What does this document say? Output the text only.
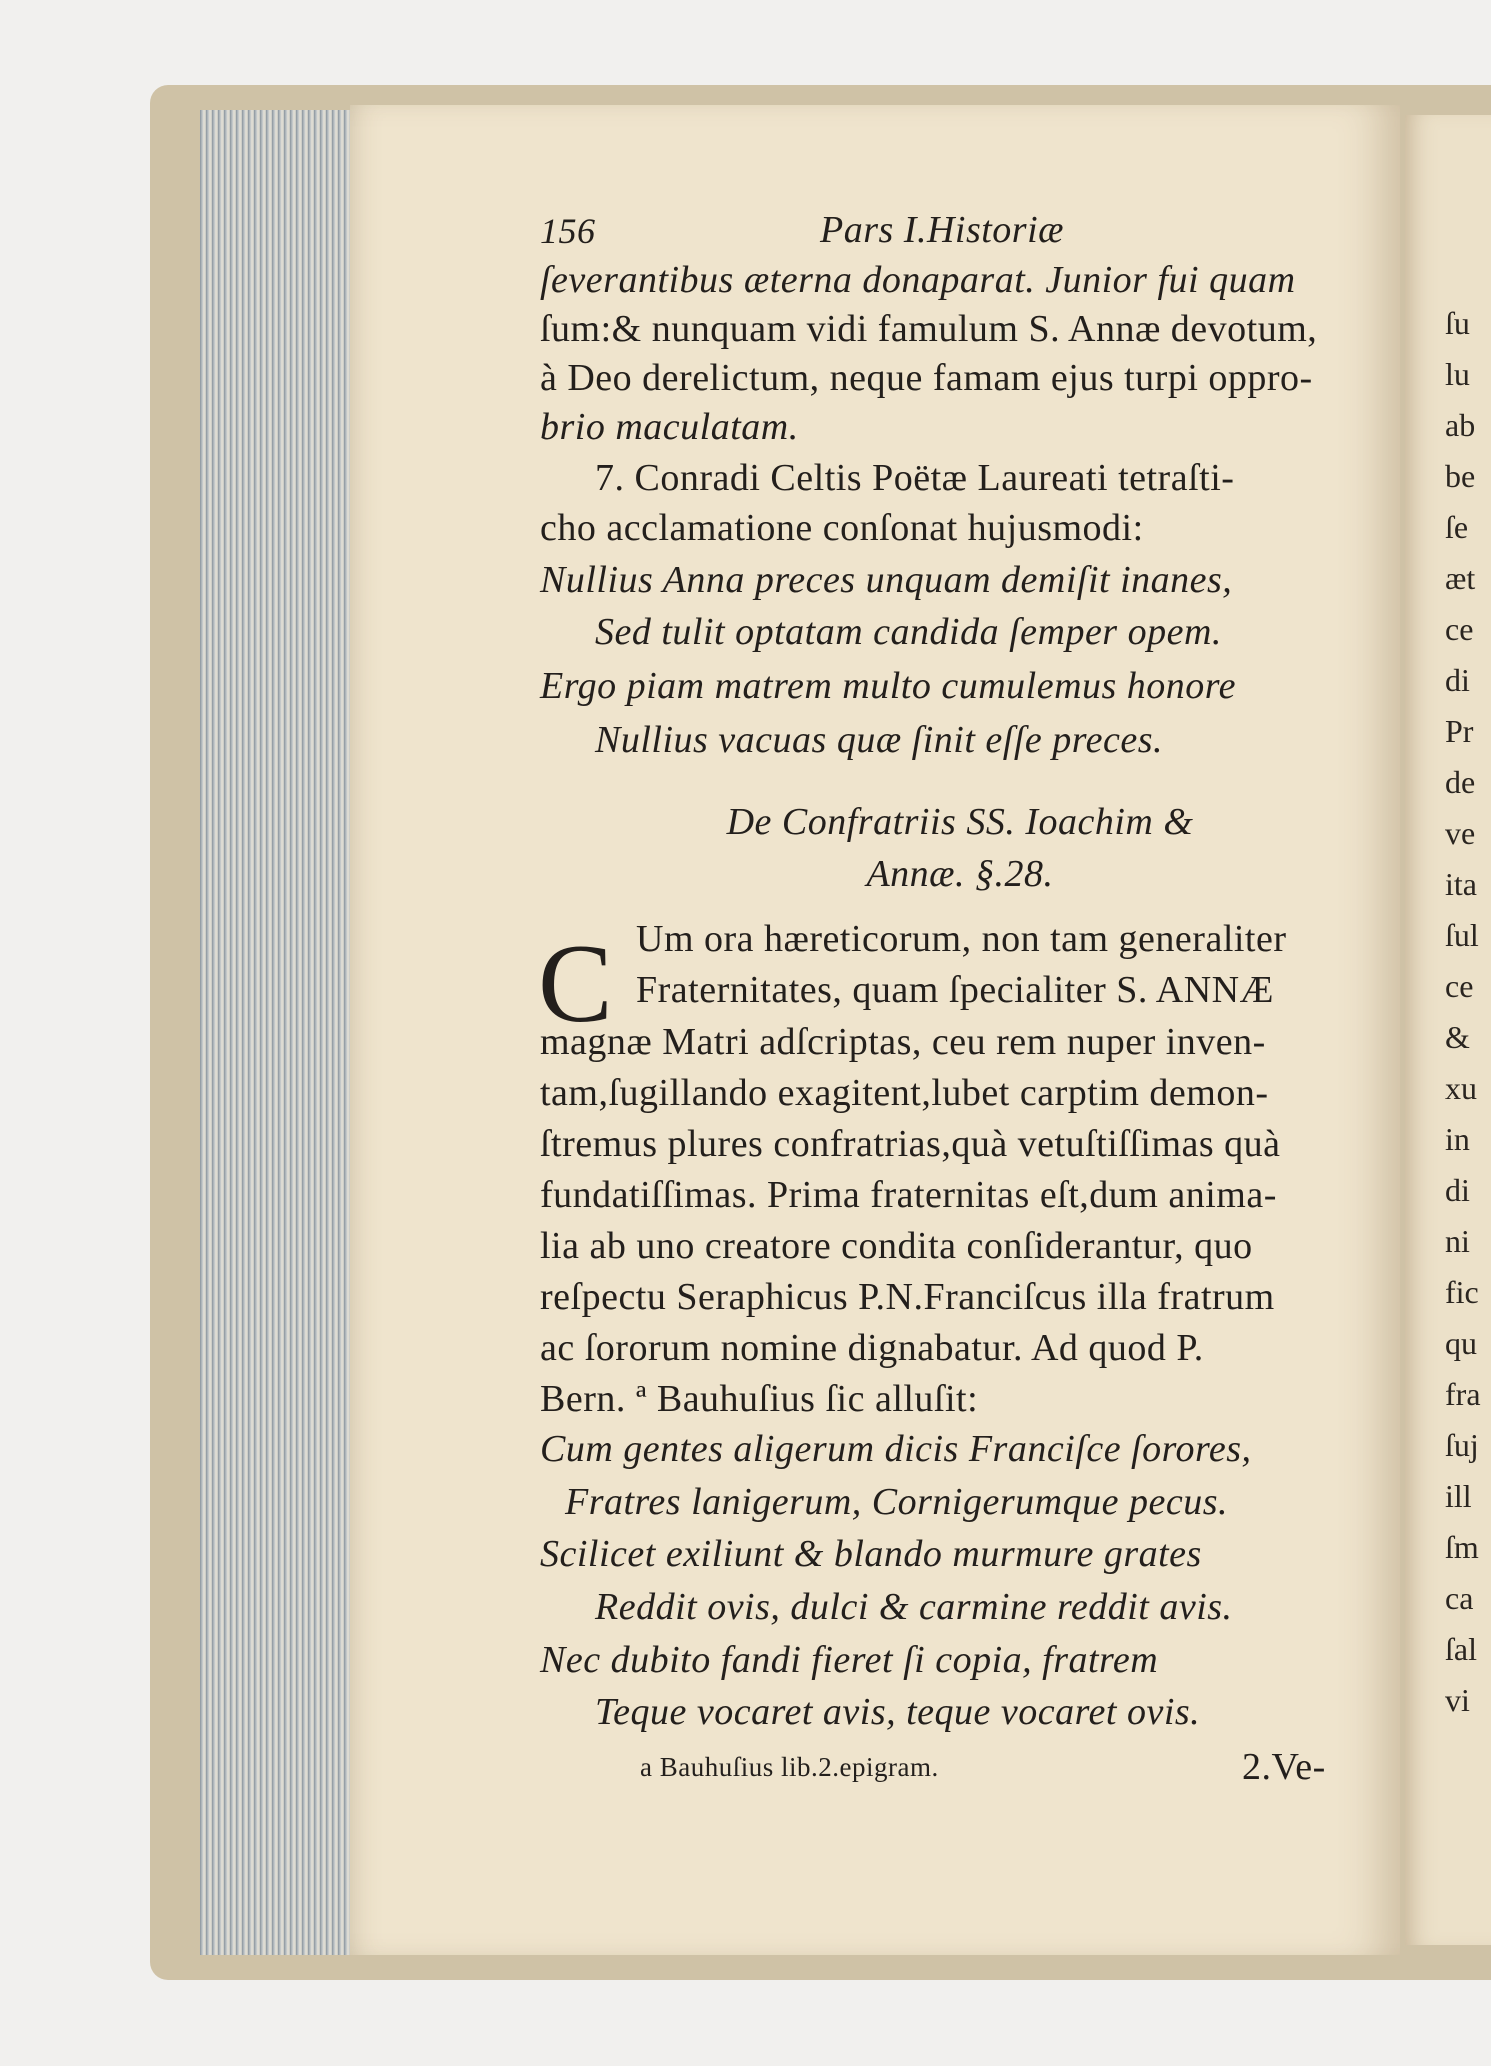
ſu
lu
ab
be
ſe
æt
ce
di
Pr
de
ve
ita
ſul
ce
&
xu
in
di
ni
fic
qu
fra
ſuj
ill
ſm
ca
ſal
vi
156	Pars I.Historiæ
ſeverantibus æterna donaparat. Junior fui quam
ſum:& nunquam vidi famulum S. Annæ devotum,
à Deo derelictum, neque famam ejus turpi oppro-
brio maculatam.
7. Conradi Celtis Poëtæ Laureati tetraſti-
cho acclamatione conſonat hujusmodi:
Nullius Anna preces unquam demiſit inanes,
Sed tulit optatam candida ſemper opem.
Ergo piam matrem multo cumulemus honore
Nullius vacuas quæ ſinit eſſe preces.
De Confratriis SS. Ioachim &
Annæ. §.28.
C Um ora hæreticorum, non tam generaliter
Fraternitates, quam ſpecialiter S. ANNÆ
magnæ Matri adſcriptas, ceu rem nuper inven-
tam,ſugillando exagitent,lubet carptim demon-
ſtremus plures confratrias,quà vetuſtiſſimas quà
fundatiſſimas. Prima fraternitas eſt,dum anima-
lia ab uno creatore condita conſiderantur, quo
reſpectu Seraphicus P.N.Franciſcus illa fratrum
ac ſororum nomine dignabatur. Ad quod P.
Bern. ª Bauhuſius ſic alluſit:
Cum gentes aligerum dicis Franciſce ſorores,
Fratres lanigerum, Cornigerumque pecus.
Scilicet exiliunt & blando murmure grates
Reddit ovis, dulci & carmine reddit avis.
Nec dubito fandi fieret ſi copia, fratrem
Teque vocaret avis, teque vocaret ovis.
a Bauhuſius lib.2.epigram.	2.Ve-
